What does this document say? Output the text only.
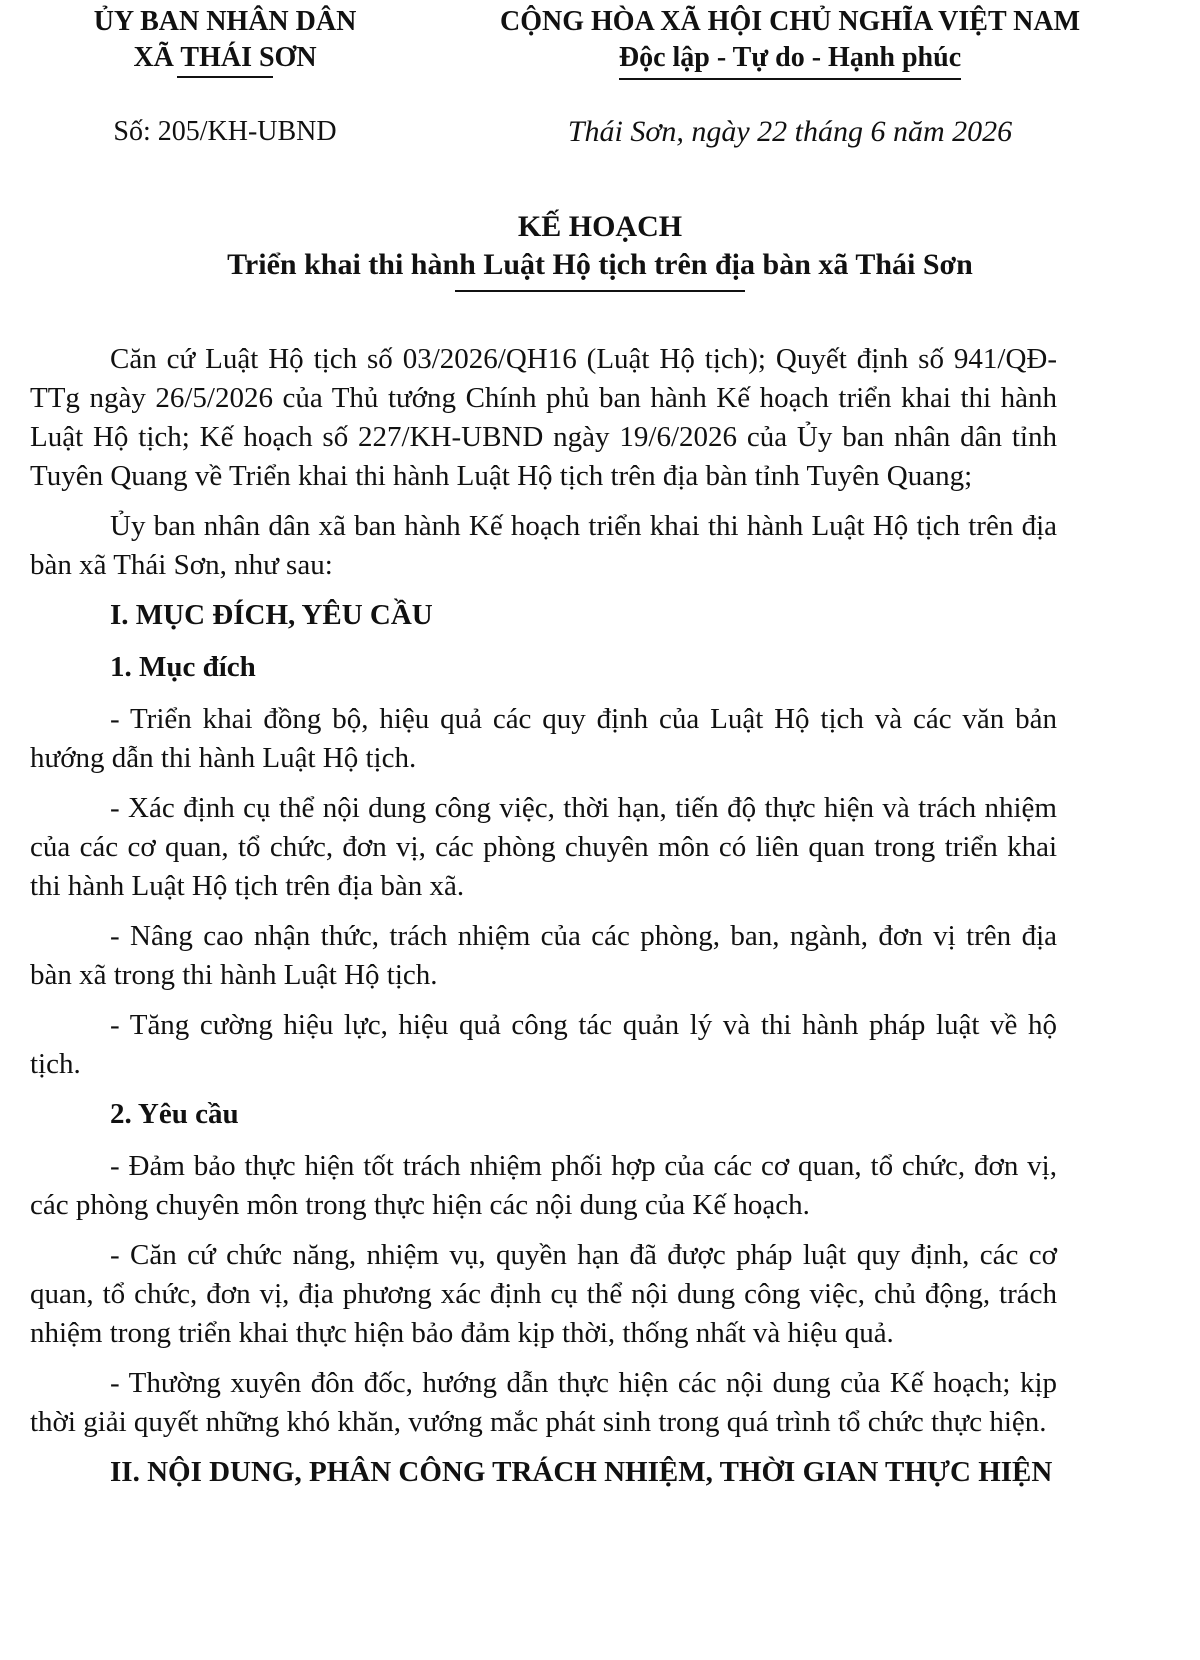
ỦY BAN NHÂN DÂN
XÃ THÁI SƠN
CỘNG HÒA XÃ HỘI CHỦ NGHĨA VIỆT NAM
Độc lập - Tự do - Hạnh phúc
Số: 205/KH-UBND	Thái Sơn, ngày 22 tháng 6 năm 2026
KẾ HOẠCH
Triển khai thi hành Luật Hộ tịch trên địa bàn xã Thái Sơn

Căn cứ Luật Hộ tịch số 03/2026/QH16 (Luật Hộ tịch); Quyết định số 941/QĐ-TTg ngày 26/5/2026 của Thủ tướng Chính phủ ban hành Kế hoạch triển khai thi hành Luật Hộ tịch; Kế hoạch số 227/KH-UBND ngày 19/6/2026 của Ủy ban nhân dân tỉnh Tuyên Quang về Triển khai thi hành Luật Hộ tịch trên địa bàn tỉnh Tuyên Quang;

Ủy ban nhân dân xã ban hành Kế hoạch triển khai thi hành Luật Hộ tịch trên địa bàn xã Thái Sơn, như sau:

I. MỤC ĐÍCH, YÊU CẦU
1. Mục đích

- Triển khai đồng bộ, hiệu quả các quy định của Luật Hộ tịch và các văn bản hướng dẫn thi hành Luật Hộ tịch.

- Xác định cụ thể nội dung công việc, thời hạn, tiến độ thực hiện và trách nhiệm của các cơ quan, tổ chức, đơn vị, các phòng chuyên môn có liên quan trong triển khai thi hành Luật Hộ tịch trên địa bàn xã.

- Nâng cao nhận thức, trách nhiệm của các phòng, ban, ngành, đơn vị trên địa bàn xã trong thi hành Luật Hộ tịch.

- Tăng cường hiệu lực, hiệu quả công tác quản lý và thi hành pháp luật về hộ tịch.

2. Yêu cầu

- Đảm bảo thực hiện tốt trách nhiệm phối hợp của các cơ quan, tổ chức, đơn vị, các phòng chuyên môn trong thực hiện các nội dung của Kế hoạch.

- Căn cứ chức năng, nhiệm vụ, quyền hạn đã được pháp luật quy định, các cơ quan, tổ chức, đơn vị, địa phương xác định cụ thể nội dung công việc, chủ động, trách nhiệm trong triển khai thực hiện bảo đảm kịp thời, thống nhất và hiệu quả.

- Thường xuyên đôn đốc, hướng dẫn thực hiện các nội dung của Kế hoạch; kịp thời giải quyết những khó khăn, vướng mắc phát sinh trong quá trình tổ chức thực hiện.

II. NỘI DUNG, PHÂN CÔNG TRÁCH NHIỆM, THỜI GIAN THỰC HIỆN
